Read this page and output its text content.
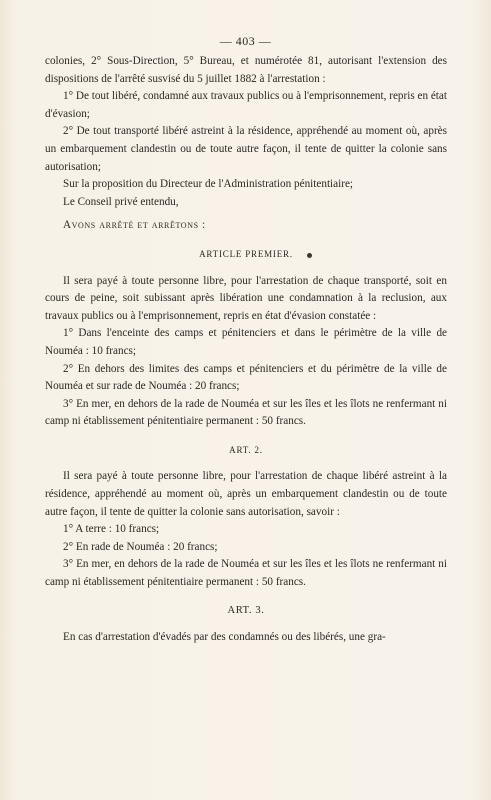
— 403 —

colonies, 2° Sous-Direction, 5° Bureau, et numérotée 81, autorisant l'extension des dispositions de l'arrêté susvisé du 5 juillet 1882 à l'arrestation :

1° De tout libéré, condamné aux travaux publics ou à l'emprisonnement, repris en état d'évasion;

2° De tout transporté libéré astreint à la résidence, appréhendé au moment où, après un embarquement clandestin ou de toute autre façon, il tente de quitter la colonie sans autorisation;

Sur la proposition du Directeur de l'Administration pénitentiaire;

Le Conseil privé entendu,

Avons arrêté et arrêtons :

ARTICLE PREMIER.

Il sera payé à toute personne libre, pour l'arrestation de chaque transporté, soit en cours de peine, soit subissant après libération une condamnation à la reclusion, aux travaux publics ou à l'emprisonnement, repris en état d'évasion constatée :

1° Dans l'enceinte des camps et pénitenciers et dans le périmètre de la ville de Nouméa : 10 francs;

2° En dehors des limites des camps et pénitenciers et du périmètre de la ville de Nouméa et sur rade de Nouméa : 20 francs;

3° En mer, en dehors de la rade de Nouméa et sur les îles et les îlots ne renfermant ni camp ni établissement pénitentiaire permanent : 50 francs.

ART. 2.

Il sera payé à toute personne libre, pour l'arrestation de chaque libéré astreint à la résidence, appréhendé au moment où, après un embarquement clandestin ou de toute autre façon, il tente de quitter la colonie sans autorisation, savoir :

1° A terre : 10 francs;

2° En rade de Nouméa : 20 francs;

3° En mer, en dehors de la rade de Nouméa et sur les îles et les îlots ne renfermant ni camp ni établissement pénitentiaire permanent : 50 francs.

ART. 3.

En cas d'arrestation d'évadés par des condamnés ou des libérés, une gra-
